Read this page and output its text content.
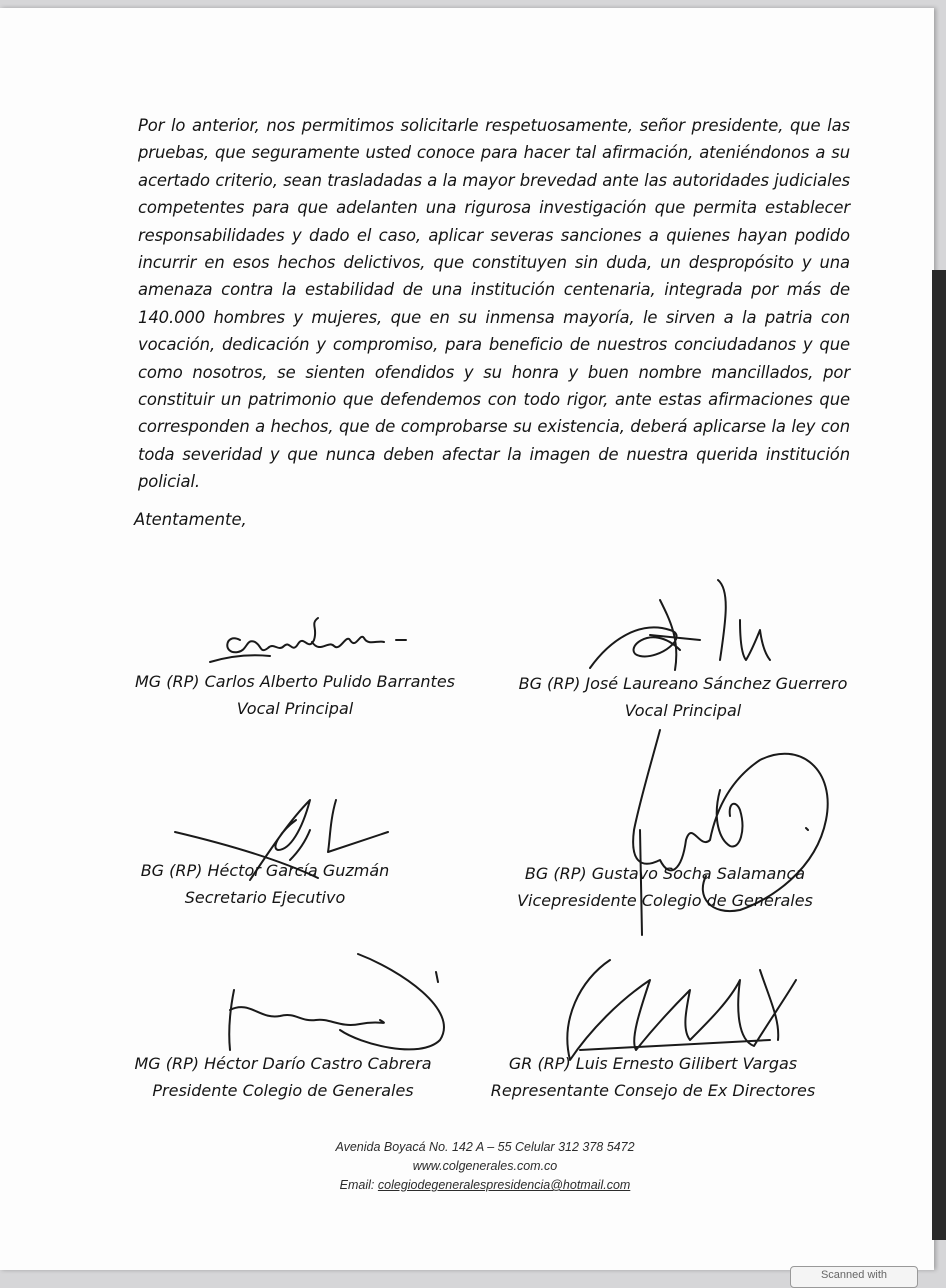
Por lo anterior, nos permitimos solicitarle respetuosamente, señor presidente, que las pruebas, que seguramente usted conoce para hacer tal afirmación, ateniéndonos a su acertado criterio, sean trasladadas a la mayor brevedad ante las autoridades judiciales competentes para que adelanten una rigurosa investigación que permita establecer responsabilidades y dado el caso, aplicar severas sanciones a quienes hayan podido incurrir en esos hechos delictivos, que constituyen sin duda, un despropósito y una amenaza contra la estabilidad de una institución centenaria, integrada por más de 140.000 hombres y mujeres, que en su inmensa mayoría, le sirven a la patria con vocación, dedicación y compromiso, para beneficio de nuestros conciudadanos y que como nosotros, se sienten ofendidos y su honra y buen nombre mancillados, por constituir un patrimonio que defendemos con todo rigor, ante estas afirmaciones que corresponden a hechos, que de comprobarse su existencia, deberá aplicarse la ley con toda severidad y que nunca deben afectar la imagen de nuestra querida institución policial.

Atentamente,
MG (RP) Carlos Alberto Pulido Barrantes
Vocal Principal
BG (RP) José Laureano Sánchez Guerrero
Vocal Principal
BG (RP) Héctor García Guzmán
Secretario Ejecutivo
BG (RP) Gustavo Socha Salamanca
Vicepresidente Colegio de Generales
MG (RP) Héctor Darío Castro Cabrera
Presidente Colegio de Generales
GR (RP) Luis Ernesto Gilibert Vargas
Representante Consejo de Ex Directores
Avenida Boyacá No. 142 A – 55 Celular 312 378 5472
www.colgenerales.com.co
Email: colegiodegeneralespresidencia@hotmail.com
Scanned with
